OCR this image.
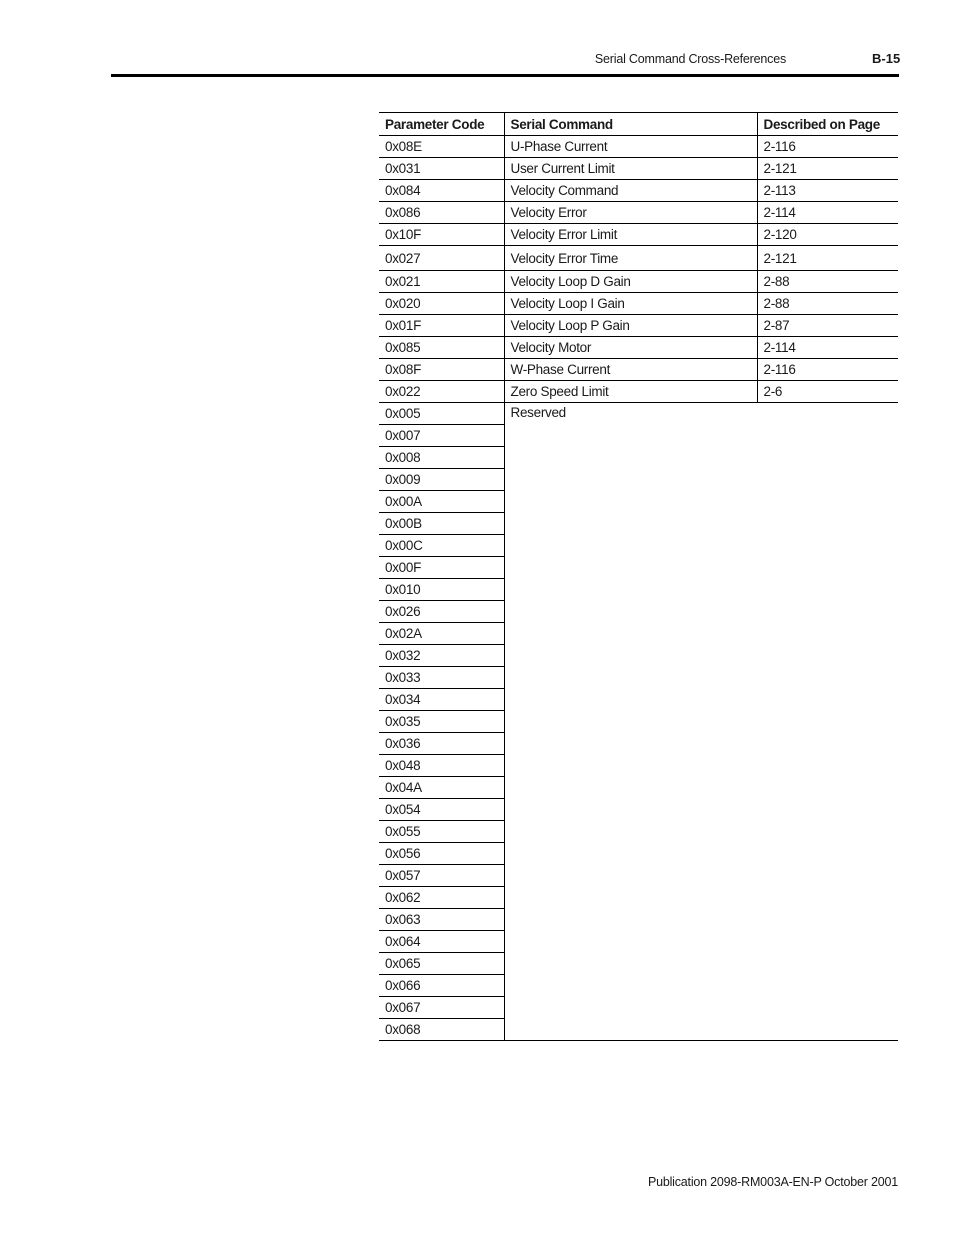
Serial Command Cross-References	B-15
Parameter Code	Serial Command	Described on Page
0x08E	U-Phase Current	2-116
0x031	User Current Limit	2-121
0x084	Velocity Command	2-113
0x086	Velocity Error	2-114
0x10F	Velocity Error Limit	2-120
0x027	Velocity Error Time	2-121
0x021	Velocity Loop D Gain	2-88
0x020	Velocity Loop I Gain	2-88
0x01F	Velocity Loop P Gain	2-87
0x085	Velocity Motor	2-114
0x08F	W-Phase Current	2-116
0x022	Zero Speed Limit	2-6
0x005	Reserved	
0x007		
0x008		
0x009		
0x00A		
0x00B		
0x00C		
0x00F		
0x010		
0x026		
0x02A		
0x032		
0x033		
0x034		
0x035		
0x036		
0x048		
0x04A		
0x054		
0x055		
0x056		
0x057		
0x062		
0x063		
0x064		
0x065		
0x066		
0x067		
0x068		
Publication 2098-RM003A-EN-P October 2001
